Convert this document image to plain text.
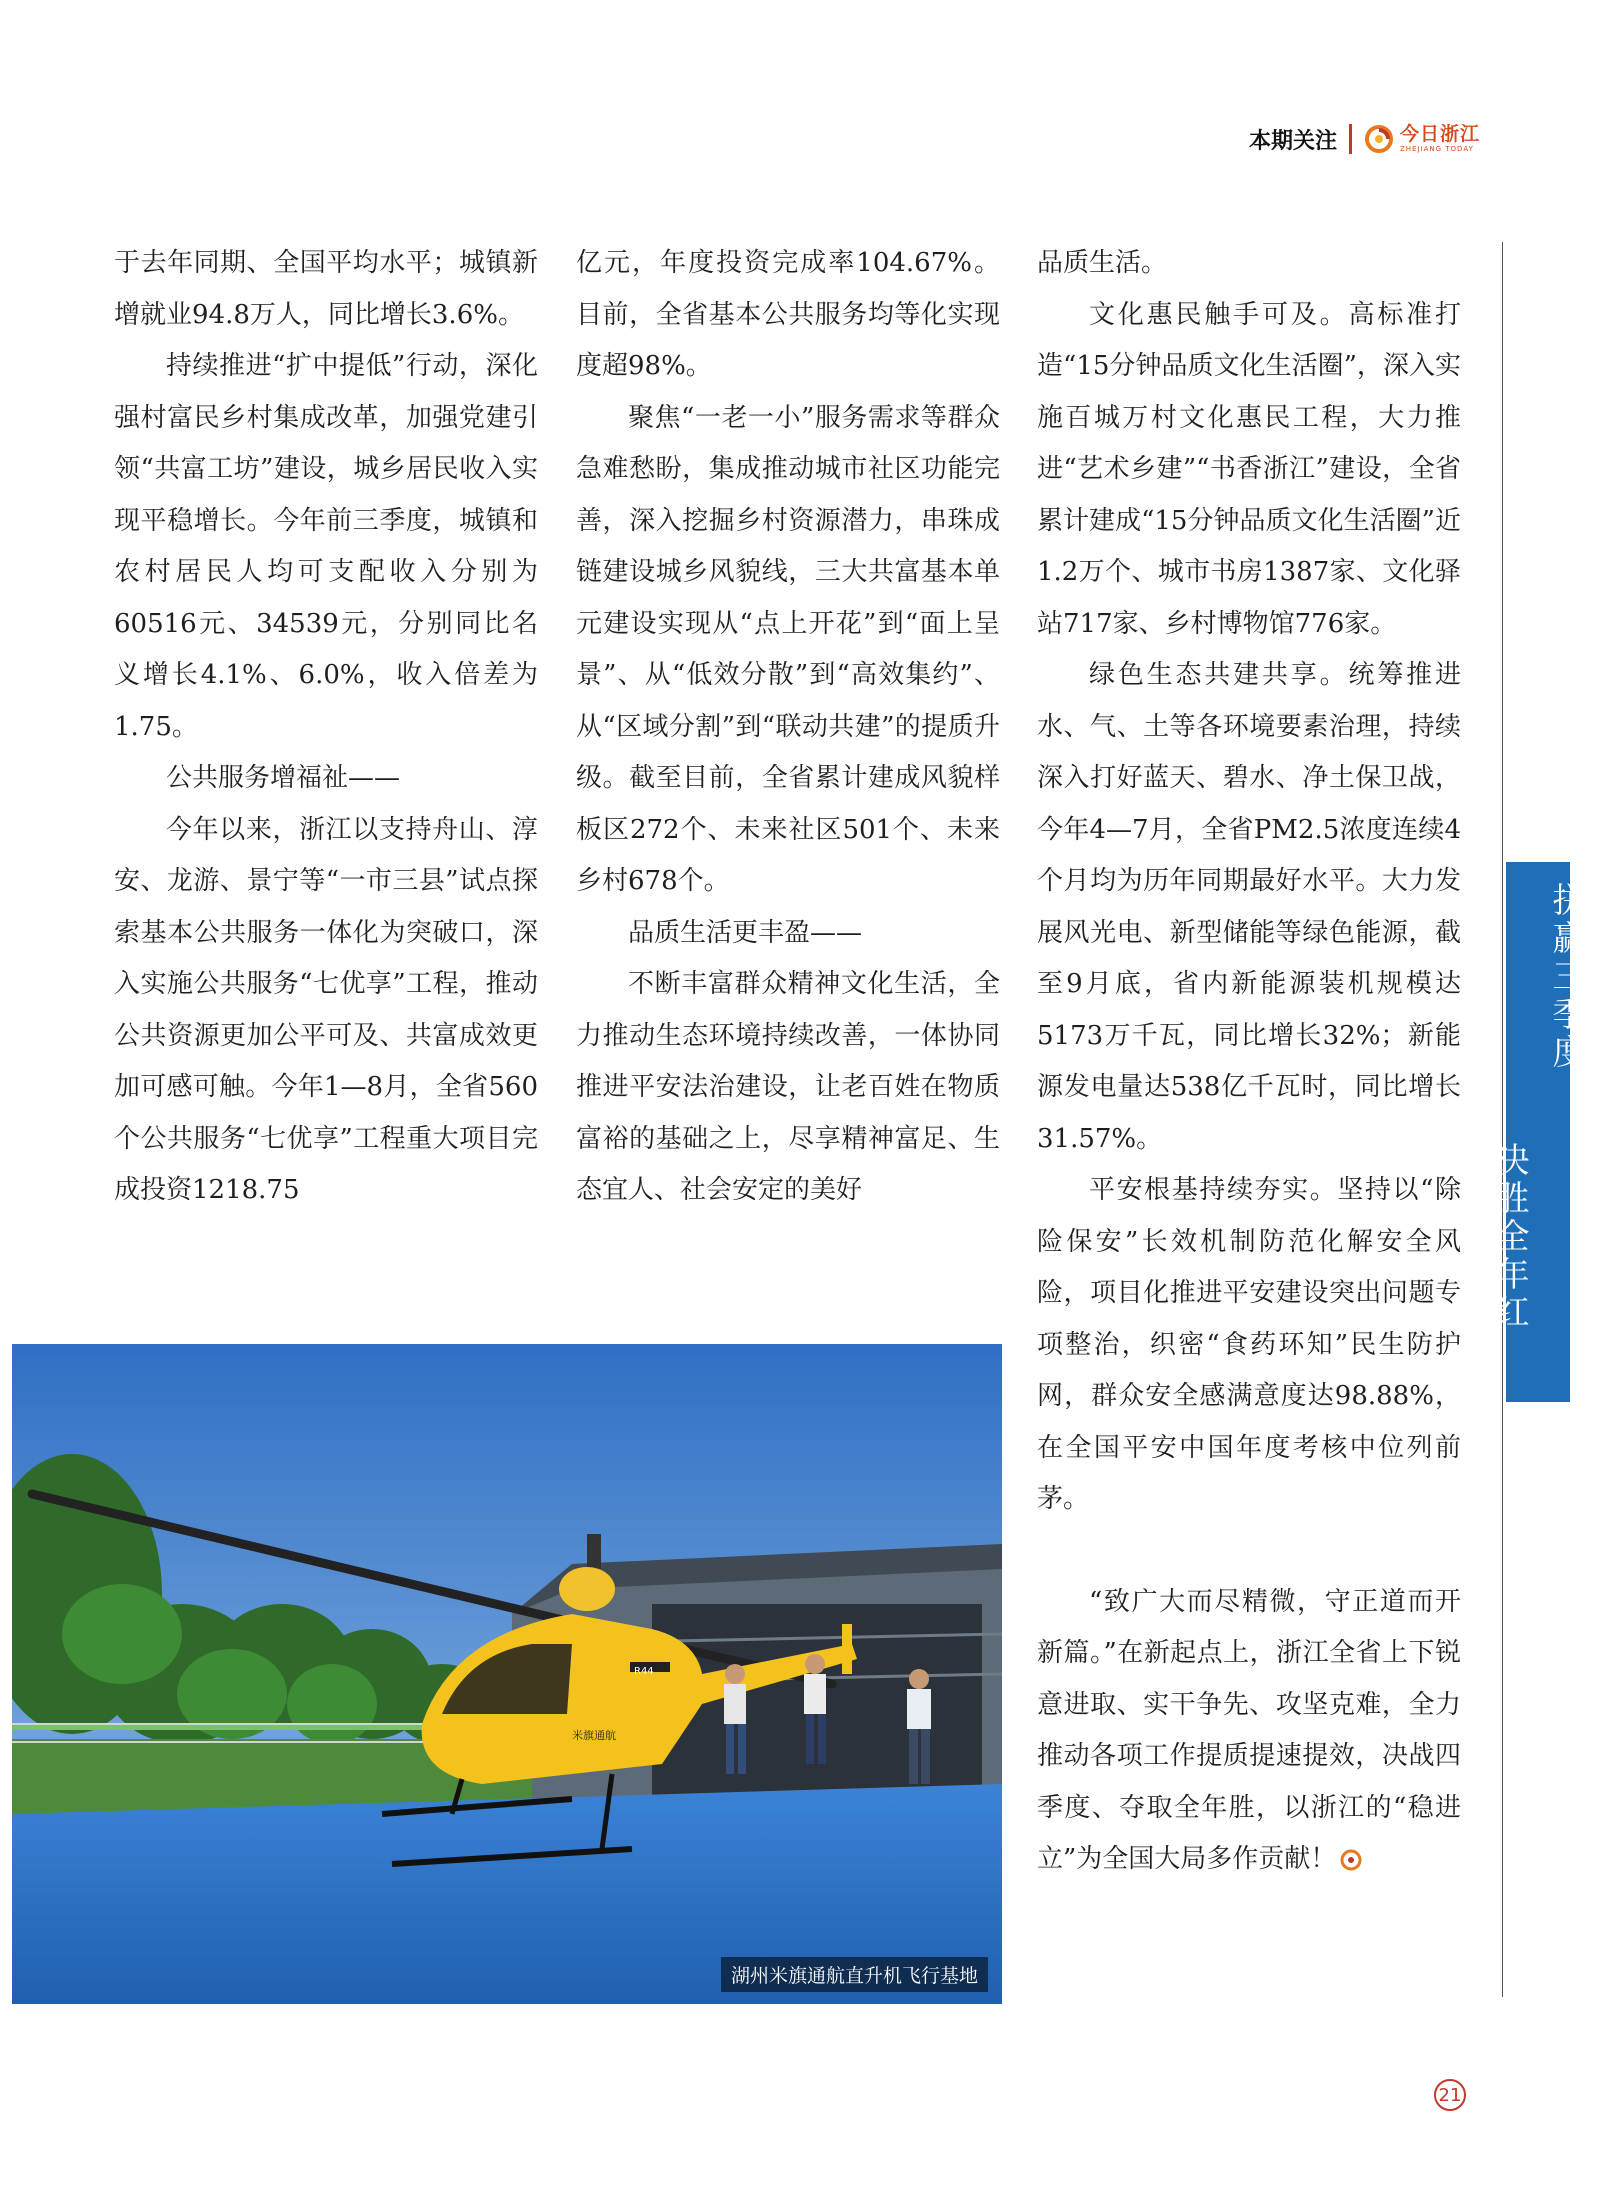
本期关注	今日浙江
ZHEJIANG TODAY

于去年同期、全国平均水平；城镇新增就业94.8万人，同比增长3.6%。

持续推进“扩中提低”行动，深化强村富民乡村集成改革，加强党建引领“共富工坊”建设，城乡居民收入实现平稳增长。今年前三季度，城镇和农村居民人均可支配收入分别为60516元、34539元，分别同比名义增长4.1%、6.0%，收入倍差为1.75。

公共服务增福祉——

今年以来，浙江以支持舟山、淳安、龙游、景宁等“一市三县”试点探索基本公共服务一体化为突破口，深入实施公共服务“七优享”工程，推动公共资源更加公平可及、共富成效更加可感可触。今年1—8月，全省560个公共服务“七优享”工程重大项目完成投资1218.75

亿元，年度投资完成率104.67%。目前，全省基本公共服务均等化实现度超98%。

聚焦“一老一小”服务需求等群众急难愁盼，集成推动城市社区功能完善，深入挖掘乡村资源潜力，串珠成链建设城乡风貌线，三大共富基本单元建设实现从“点上开花”到“面上呈景”、从“低效分散”到“高效集约”、从“区域分割”到“联动共建”的提质升级。截至目前，全省累计建成风貌样板区272个、未来社区501个、未来乡村678个。

品质生活更丰盈——

不断丰富群众精神文化生活，全力推动生态环境持续改善，一体协同推进平安法治建设，让老百姓在物质富裕的基础之上，尽享精神富足、生态宜人、社会安定的美好

品质生活。

文化惠民触手可及。高标准打造“15分钟品质文化生活圈”，深入实施百城万村文化惠民工程，大力推进“艺术乡建”“书香浙江”建设，全省累计建成“15分钟品质文化生活圈”近1.2万个、城市书房1387家、文化驿站717家、乡村博物馆776家。

绿色生态共建共享。统筹推进水、气、土等各环境要素治理，持续深入打好蓝天、碧水、净土保卫战，今年4—7月，全省PM2.5浓度连续4个月均为历年同期最好水平。大力发展风光电、新型储能等绿色能源，截至9月底，省内新能源装机规模达5173万千瓦，同比增长32%；新能源发电量达538亿千瓦时，同比增长31.57%。

平安根基持续夯实。坚持以“除险保安”长效机制防范化解安全风险，项目化推进平安建设突出问题专项整治，织密“食药环知”民生防护网，群众安全感满意度达98.88%，在全国平安中国年度考核中位列前茅。

“致广大而尽精微，守正道而开新篇。”在新起点上，浙江全省上下锐意进取、实干争先、攻坚克难，全力推动各项工作提质提速提效，决战四季度、夺取全年胜，以浙江的“稳进立”为全国大局多作贡献！

拼赢三季度
决胜全年红
R44
米旗通航
湖州米旗通航直升机飞行基地
21
